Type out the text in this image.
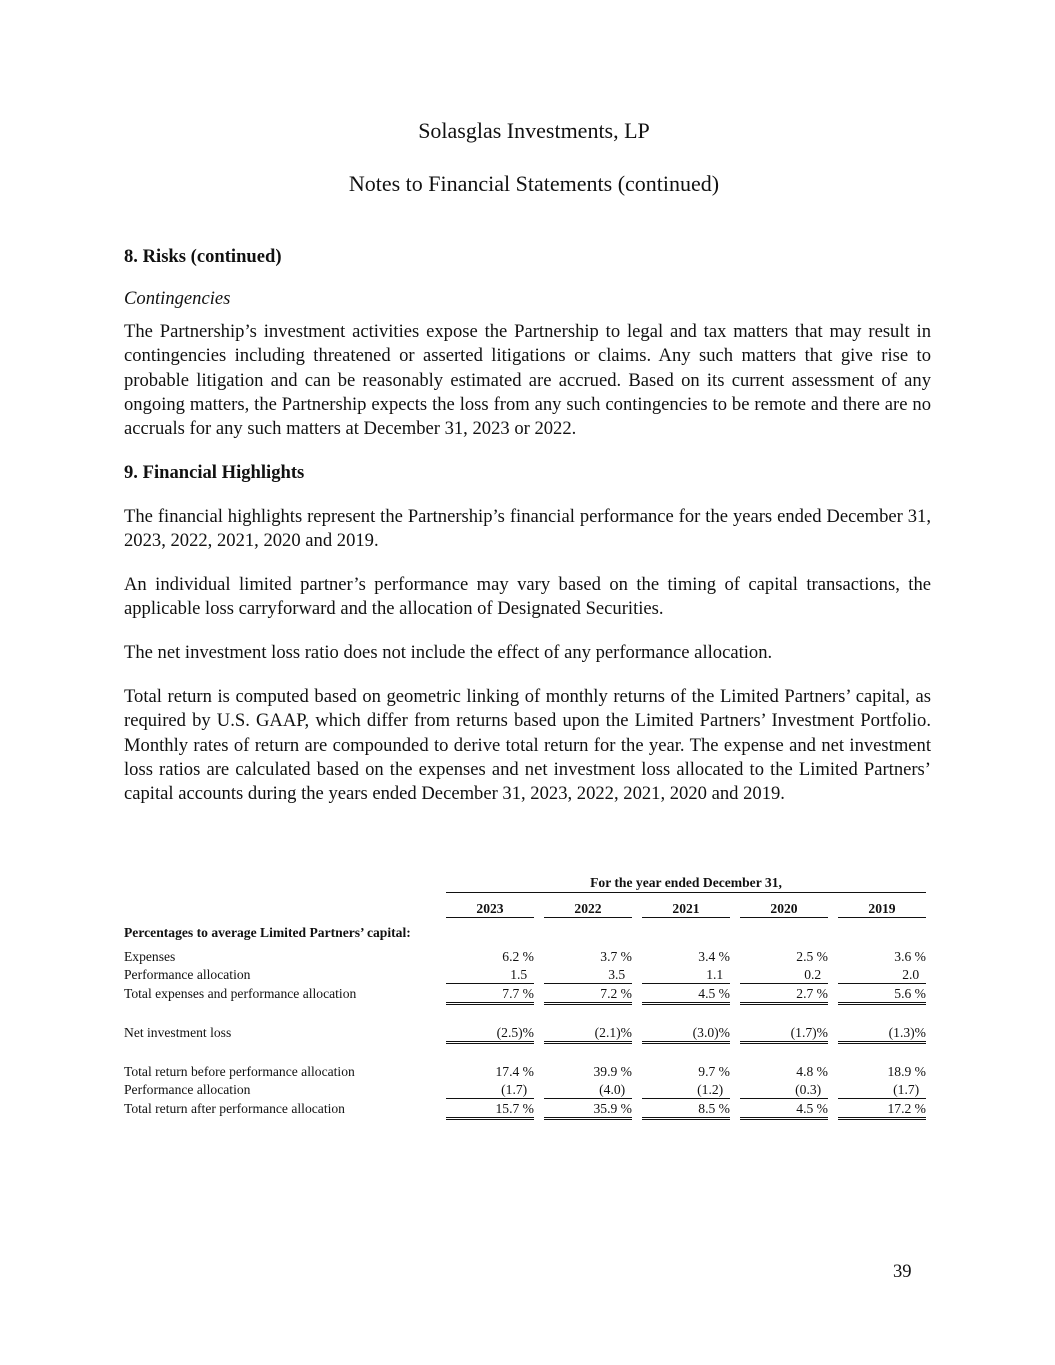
Solasglas Investments, LP
Notes to Financial Statements (continued)
8. Risks (continued)
Contingencies

The Partnership’s investment activities expose the Partnership to legal and tax matters that may result in contingencies including threatened or asserted litigations or claims. Any such matters that give rise to probable litigation and can be reasonably estimated are accrued. Based on its current assessment of any ongoing matters, the Partnership expects the loss from any such contingencies to be remote and there are no accruals for any such matters at December 31, 2023 or 2022.

9. Financial Highlights

The financial highlights represent the Partnership’s financial performance for the years ended December 31, 2023, 2022, 2021, 2020 and 2019.

An individual limited partner’s performance may vary based on the timing of capital transactions, the applicable loss carryforward and the allocation of Designated Securities.

The net investment loss ratio does not include the effect of any performance allocation.

Total return is computed based on geometric linking of monthly returns of the Limited Partners’ capital, as required by U.S. GAAP, which differ from returns based upon the Limited Partners’ Investment Portfolio. Monthly rates of return are compounded to derive total return for the year. The expense and net investment loss ratios are calculated based on the expenses and net investment loss allocated to the Limited Partners’ capital accounts during the years ended December 31, 2023, 2022, 2021, 2020 and 2019.

For the year ended December 31,
2023	2022	2021	2020	2019
Percentages to average Limited Partners’ capital:
Expenses	6.2 %	3.7 %	3.4 %	2.5 %	3.6 %
Performance allocation	1.5	3.5	1.1	0.2	2.0
Total expenses and performance allocation	7.7 %	7.2 %	4.5 %	2.7 %	5.6 %
Net investment loss	(2.5)%	(2.1)%	(3.0)%	(1.7)%	(1.3)%
Total return before performance allocation	17.4 %	39.9 %	9.7 %	4.8 %	18.9 %
Performance allocation	(1.7)	(4.0)	(1.2)	(0.3)	(1.7)
Total return after performance allocation	15.7 %	35.9 %	8.5 %	4.5 %	17.2 %
39
